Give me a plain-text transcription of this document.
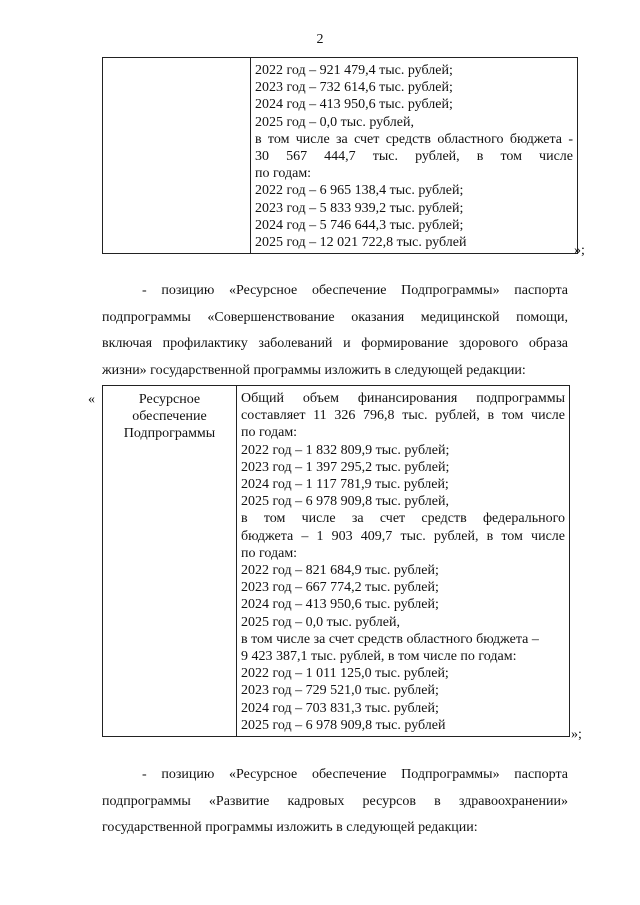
2

2022 год – 921 479,4 тыс. рублей;
2023 год – 732 614,6 тыс. рублей;
2024 год – 413 950,6 тыс. рублей;
2025 год – 0,0 тыс. рублей,
в том числе за счет средств областного бюджета -
30 567 444,7 тыс. рублей, в том числе
по годам:
2022 год – 6 965 138,4 тыс. рублей;
2023 год – 5 833 939,2 тыс. рублей;
2024 год – 5 746 644,3 тыс. рублей;
2025 год – 12 021 722,8 тыс. рублей
»;
- позицию «Ресурсное обеспечение Подпрограммы» паспорта
подпрограммы «Совершенствование оказания медицинской помощи,
включая профилактику заболеваний и формирование здорового образа
жизни» государственной программы изложить в следующей редакции:
«	Ресурсное
обеспечение
Подпрограммы

Общий объем финансирования подпрограммы
составляет 11 326 796,8 тыс. рублей, в том числе
по годам:
2022 год – 1 832 809,9 тыс. рублей;
2023 год – 1 397 295,2 тыс. рублей;
2024 год – 1 117 781,9 тыс. рублей;
2025 год – 6 978 909,8 тыс. рублей,
в том числе за счет средств федерального
бюджета – 1 903 409,7 тыс. рублей, в том числе
по годам:
2022 год – 821 684,9 тыс. рублей;
2023 год – 667 774,2 тыс. рублей;
2024 год – 413 950,6 тыс. рублей;
2025 год – 0,0 тыс. рублей,
в том числе за счет средств областного бюджета –
9 423 387,1 тыс. рублей, в том числе по годам:
2022 год – 1 011 125,0 тыс. рублей;
2023 год – 729 521,0 тыс. рублей;
2024 год – 703 831,3 тыс. рублей;
2025 год – 6 978 909,8 тыс. рублей
»;
- позицию «Ресурсное обеспечение Подпрограммы» паспорта
подпрограммы «Развитие кадровых ресурсов в здравоохранении»
государственной программы изложить в следующей редакции:
